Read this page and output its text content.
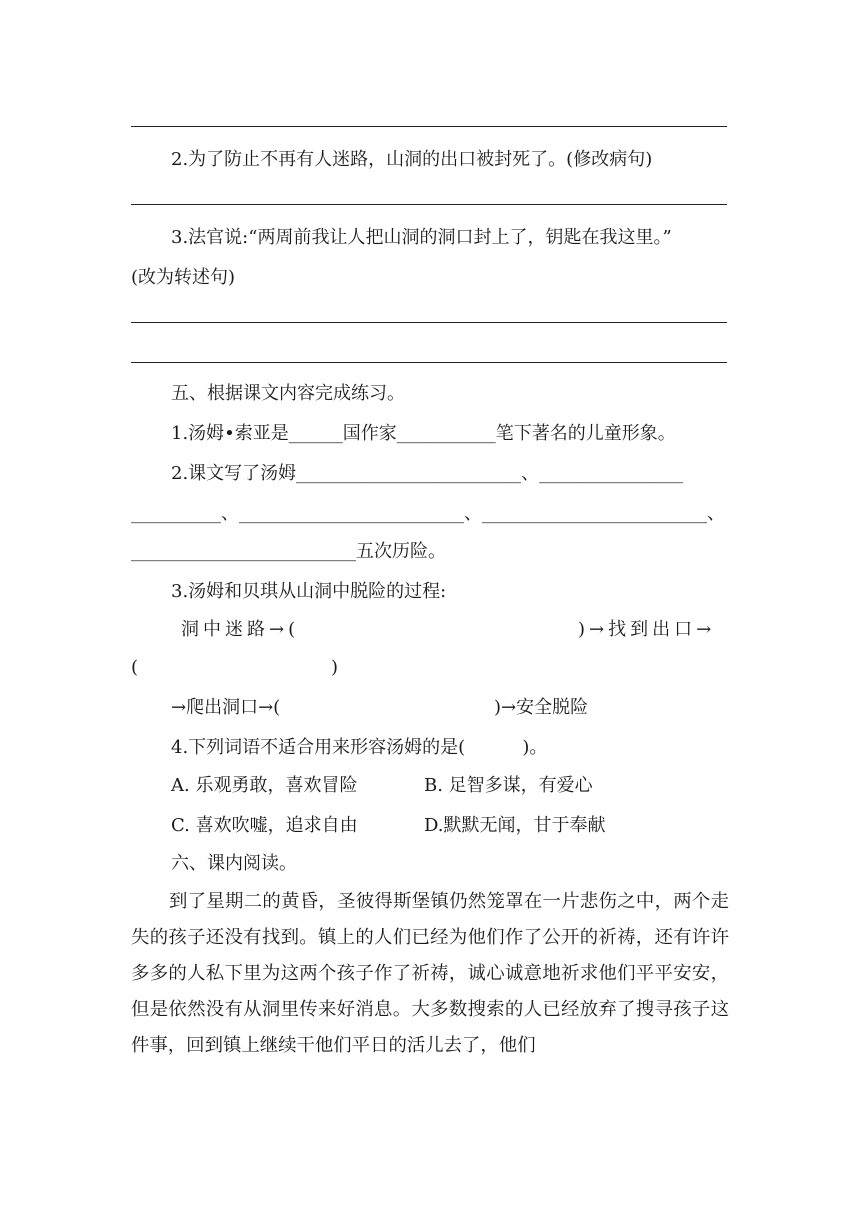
2.为了防止不再有人迷路，山洞的出口被封死了。(修改病句)
3.法官说:“两周前我让人把山洞的洞口封上了，钥匙在我这里。”
(改为转述句)
五、根据课文内容完成练习。
1.汤姆•索亚是______国作家___________笔下著名的儿童形象。
2.课文写了汤姆_________________________、________________
__________、_________________________、_________________________、
_________________________五次历险。
3.汤姆和贝琪从山洞中脱险的过程:
洞中迷路→(	)→找到出口→
(	)
→爬出洞口→(	)→安全脱险
4.下列词语不适合用来形容汤姆的是(          )。
A. 乐观勇敢，喜欢冒险	B. 足智多谋，有爱心
C. 喜欢吹嘘，追求自由	D.默默无闻，甘于奉献
六、课内阅读。
到了星期二的黄昏，圣彼得斯堡镇仍然笼罩在一片悲伤之中，两个走失的孩子还没有找到。镇上的人们已经为他们作了公开的祈祷，还有许许多多的人私下里为这两个孩子作了祈祷，诚心诚意地祈求他们平平安安，但是依然没有从洞里传来好消息。大多数搜索的人已经放弃了搜寻孩子这件事，回到镇上继续干他们平日的活儿去了，他们
